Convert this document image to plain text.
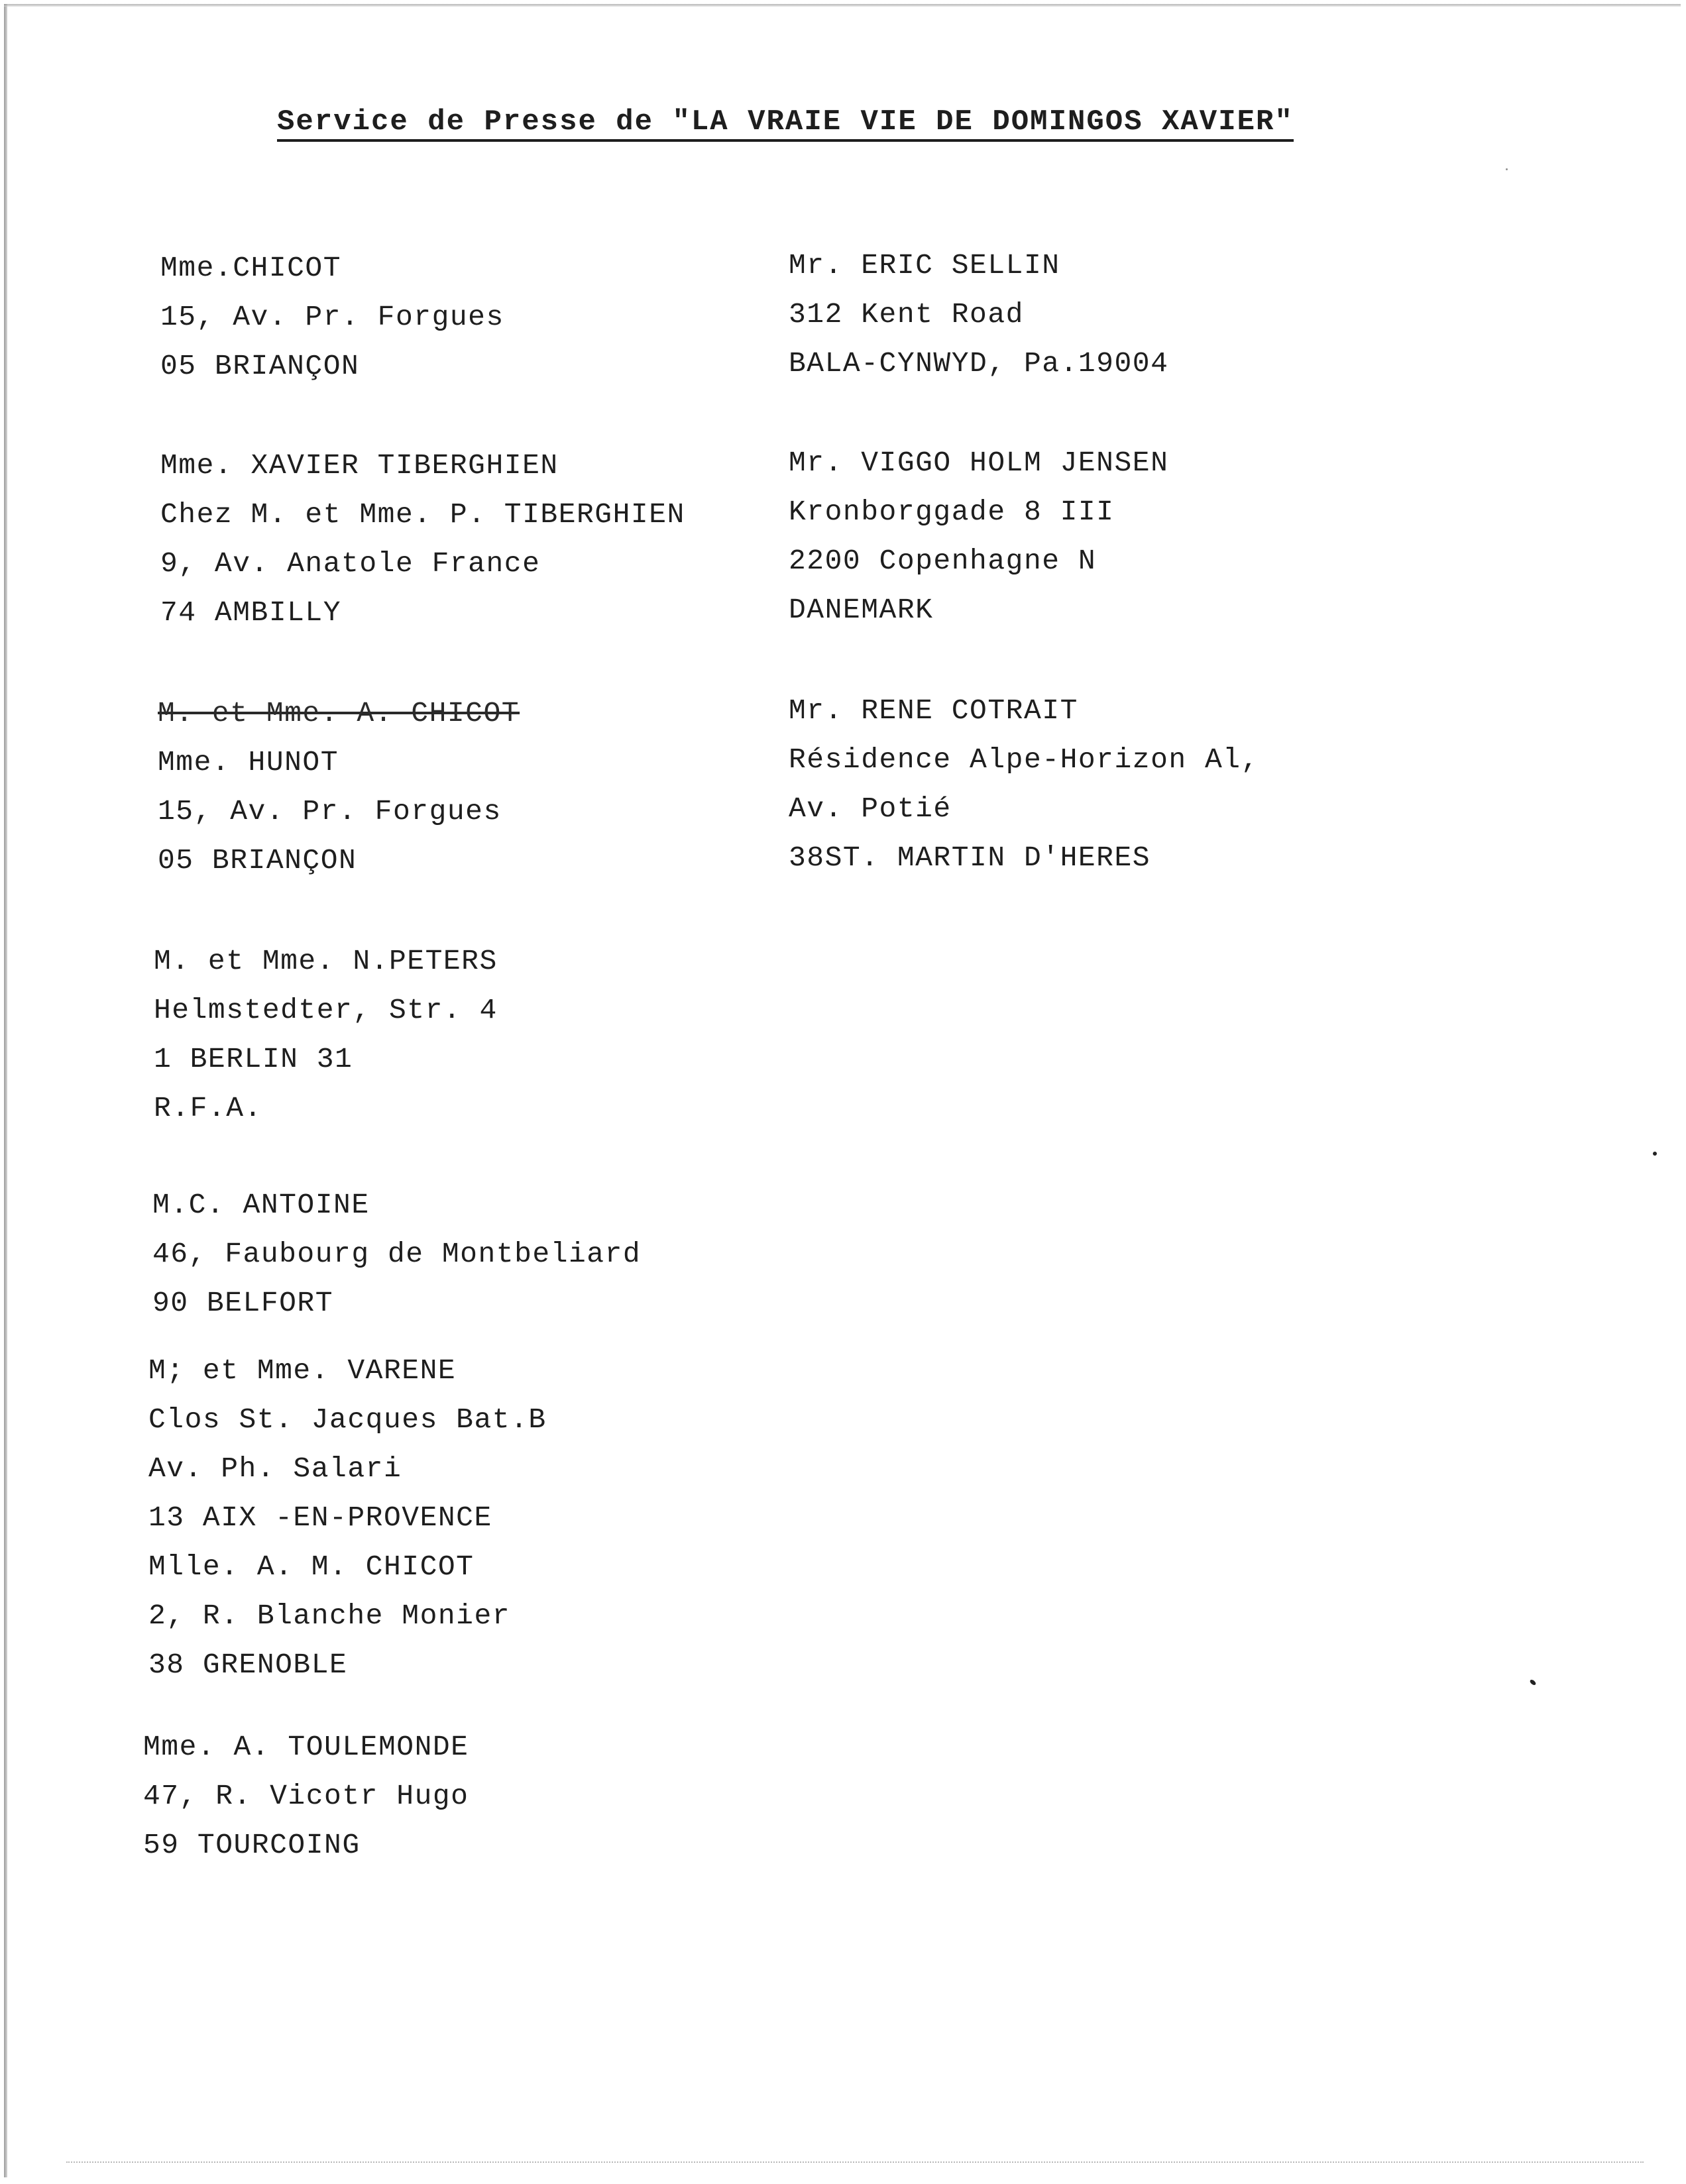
Service de Presse de "LA VRAIE VIE DE DOMINGOS XAVIER"
Mme.CHICOT
15, Av. Pr. Forgues
05 BRIANÇON
Mme. XAVIER TIBERGHIEN
Chez M. et Mme. P. TIBERGHIEN
9, Av. Anatole France
74 AMBILLY
M. et Mme. A. CHICOT
Mme. HUNOT
15, Av. Pr. Forgues
05 BRIANÇON
M. et Mme. N.PETERS
Helmstedter, Str. 4
1 BERLIN 31
R.F.A.
M.C. ANTOINE
46, Faubourg de Montbeliard
90 BELFORT
M; et Mme. VARENE
Clos St. Jacques Bat.B
Av. Ph. Salari
13 AIX -EN-PROVENCE
Mlle. A. M. CHICOT
2, R. Blanche Monier
38 GRENOBLE
Mme. A. TOULEMONDE
47, R. Vicotr Hugo
59 TOURCOING
Mr. ERIC SELLIN
312 Kent Road
BALA-CYNWYD, Pa.19004
Mr. VIGGO HOLM JENSEN
Kronborggade 8 III
2200 Copenhagne N
DANEMARK
Mr. RENE COTRAIT
Résidence Alpe-Horizon Al,
Av. Potié
38ST. MARTIN D'HERES
